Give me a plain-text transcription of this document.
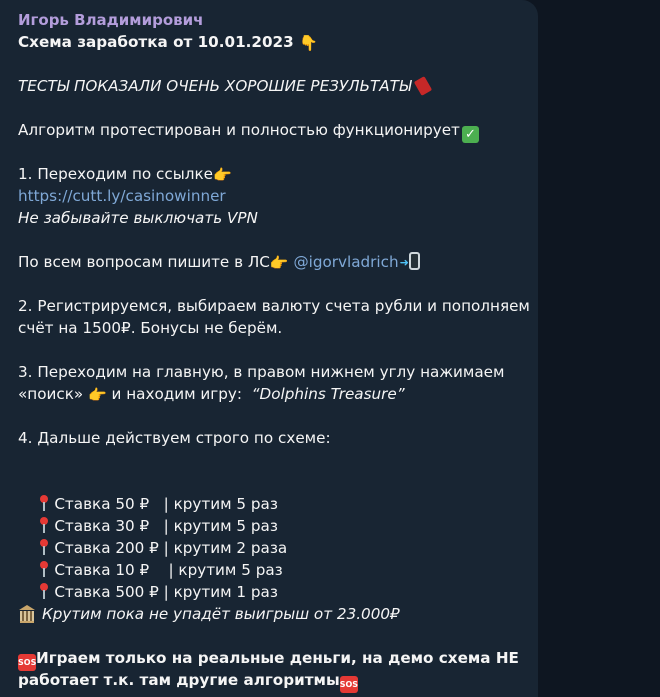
Игорь Владимирович
Схема заработка от 10.01.2023 👇
ТЕСТЫ ПОКАЗАЛИ ОЧЕНЬ ХОРОШИЕ РЕЗУЛЬТАТЫ
Алгоритм протестирован и полностью функционирует ✓
1. Переходим по ссылке👉
https://cutt.ly/casinowinner
Не забывайте выключать VPN
По всем вопросам пишите в ЛС👉 @igorvladrich➜
2. Регистрируемся, выбираем валюту счета рубли и пополняем
счёт на 1500₽. Бонусы не берём.
3. Переходим на главную, в правом нижнем углу нажимаем
«поиск» 👉 и находим игру: “Dolphins Treasure”
4. Дальше действуем строго по схеме:

Ставка 50 ₽   | крутим 5 раз

Ставка 30 ₽   | крутим 5 раз

Ставка 200 ₽ | крутим 2 раза

Ставка 10 ₽    | крутим 5 раз

Ставка 500 ₽ | крутим 1 раз

Крутим пока не упадёт выигрыш от 23.000₽
SOSИграем только на реальные деньги, на демо схема НЕ
работает т.к. там другие алгоритмыSOS
